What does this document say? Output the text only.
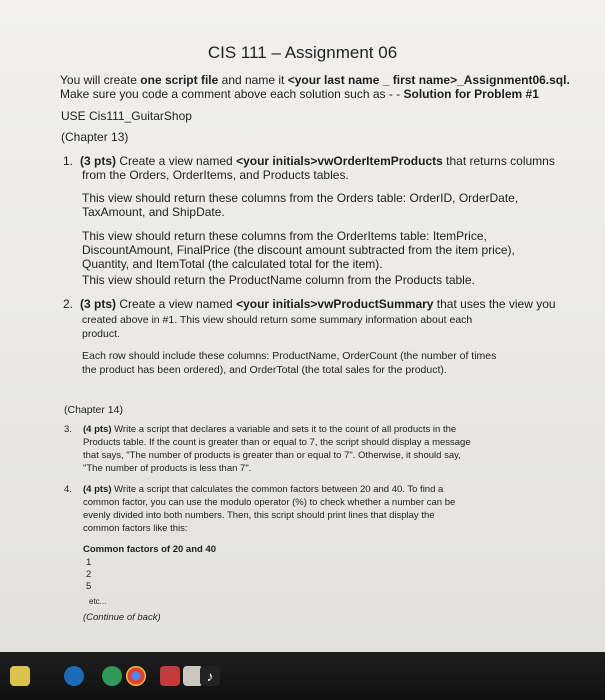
CIS 111 – Assignment 06
You will create one script file and name it <your last name _ first name>_Assignment06.sql.
Make sure you code a comment above each solution such as - - Solution for Problem #1
USE Cis111_GuitarShop
(Chapter 13)
1. (3 pts) Create a view named <your initials>vwOrderItemProducts that returns columns
from the Orders, OrderItems, and Products tables.
This view should return these columns from the Orders table: OrderID, OrderDate,
TaxAmount, and ShipDate.
This view should return these columns from the OrderItems table: ItemPrice,
DiscountAmount, FinalPrice (the discount amount subtracted from the item price),
Quantity, and ItemTotal (the calculated total for the item).
This view should return the ProductName column from the Products table.
2. (3 pts) Create a view named <your initials>vwProductSummary that uses the view you
created above in #1. This view should return some summary information about each
product.
Each row should include these columns: ProductName, OrderCount (the number of times
the product has been ordered), and OrderTotal (the total sales for the product).
(Chapter 14)
3. (4 pts) Write a script that declares a variable and sets it to the count of all products in the
Products table. If the count is greater than or equal to 7, the script should display a message
that says, "The number of products is greater than or equal to 7". Otherwise, it should say,
"The number of products is less than 7".
4. (4 pts) Write a script that calculates the common factors between 20 and 40. To find a
common factor, you can use the modulo operator (%) to check whether a number can be
evenly divided into both numbers. Then, this script should print lines that display the
common factors like this:
Common factors of 20 and 40
1
2
5
etc...
(Continue of back)
♪
